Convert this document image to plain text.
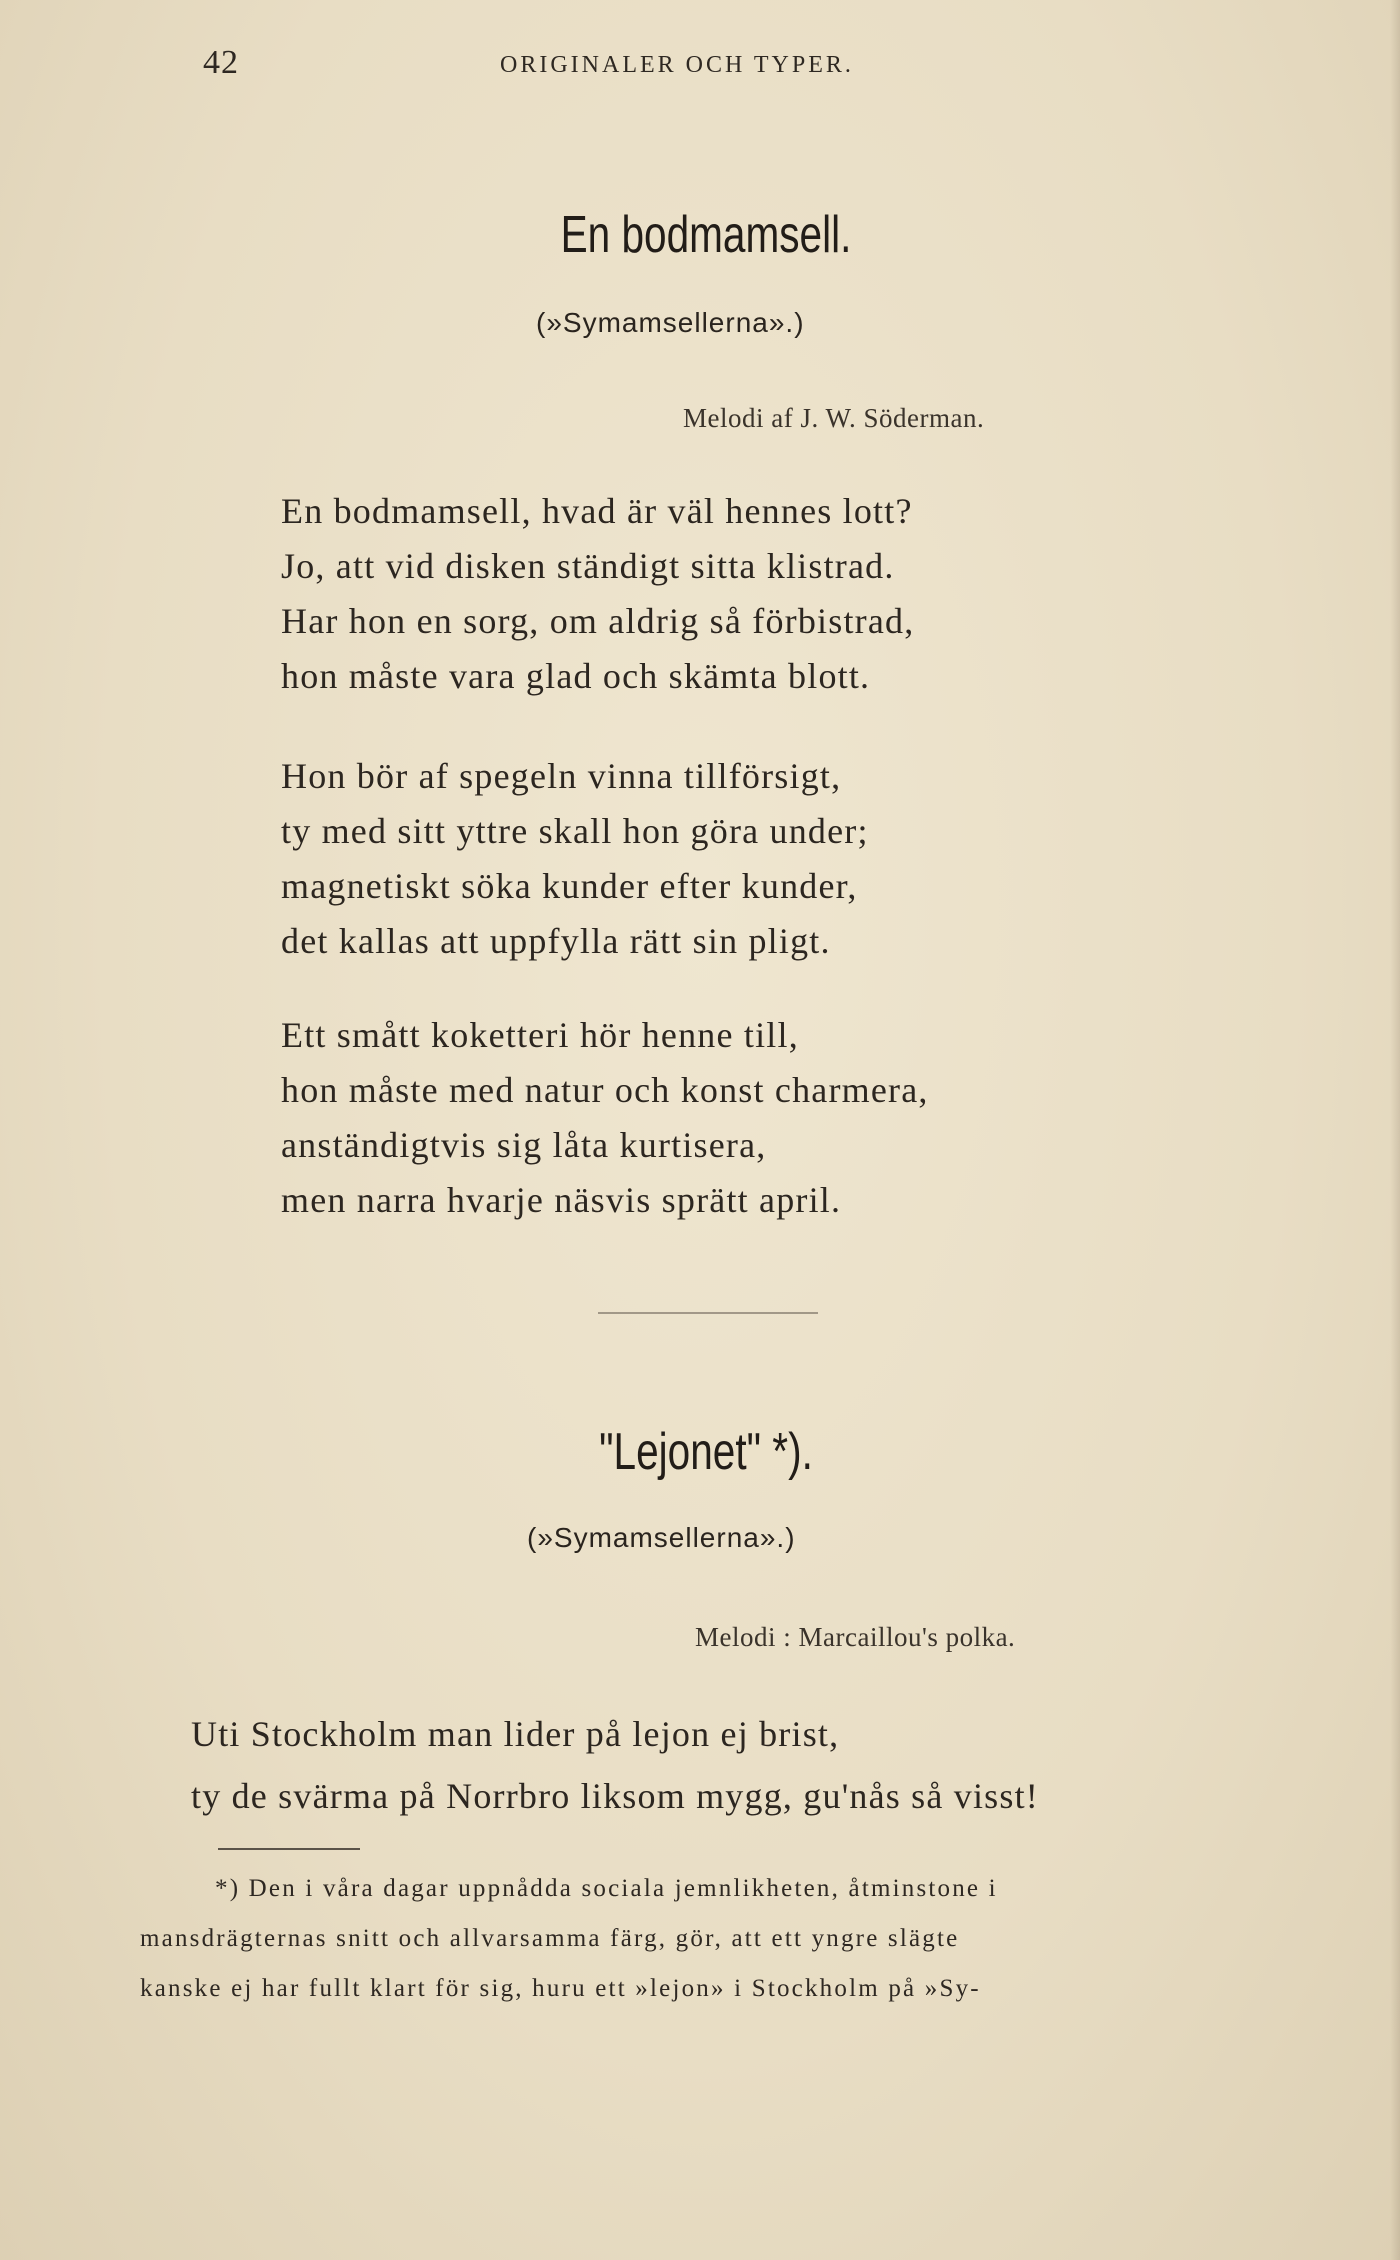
42	ORIGINALER OCH TYPER.
En bodmamsell.
(»Symamsellerna».)
Melodi af J. W. Söderman.
En bodmamsell, hvad är väl hennes lott?
Jo, att vid disken ständigt sitta klistrad.
Har hon en sorg, om aldrig så förbistrad,
hon måste vara glad och skämta blott.
Hon bör af spegeln vinna tillförsigt,
ty med sitt yttre skall hon göra under;
magnetiskt söka kunder efter kunder,
det kallas att uppfylla rätt sin pligt.
Ett smått koketteri hör henne till,
hon måste med natur och konst charmera,
anständigtvis sig låta kurtisera,
men narra hvarje näsvis sprätt april.
"Lejonet" *).
(»Symamsellerna».)
Melodi : Marcaillou's polka.
Uti Stockholm man lider på lejon ej brist,
ty de svärma på Norrbro liksom mygg, gu'nås så visst!
*) Den i våra dagar uppnådda sociala jemnlikheten, åtminstone i
mansdrägternas snitt och allvarsamma färg, gör, att ett yngre slägte
kanske ej har fullt klart för sig, huru ett »lejon» i Stockholm på »Sy-
